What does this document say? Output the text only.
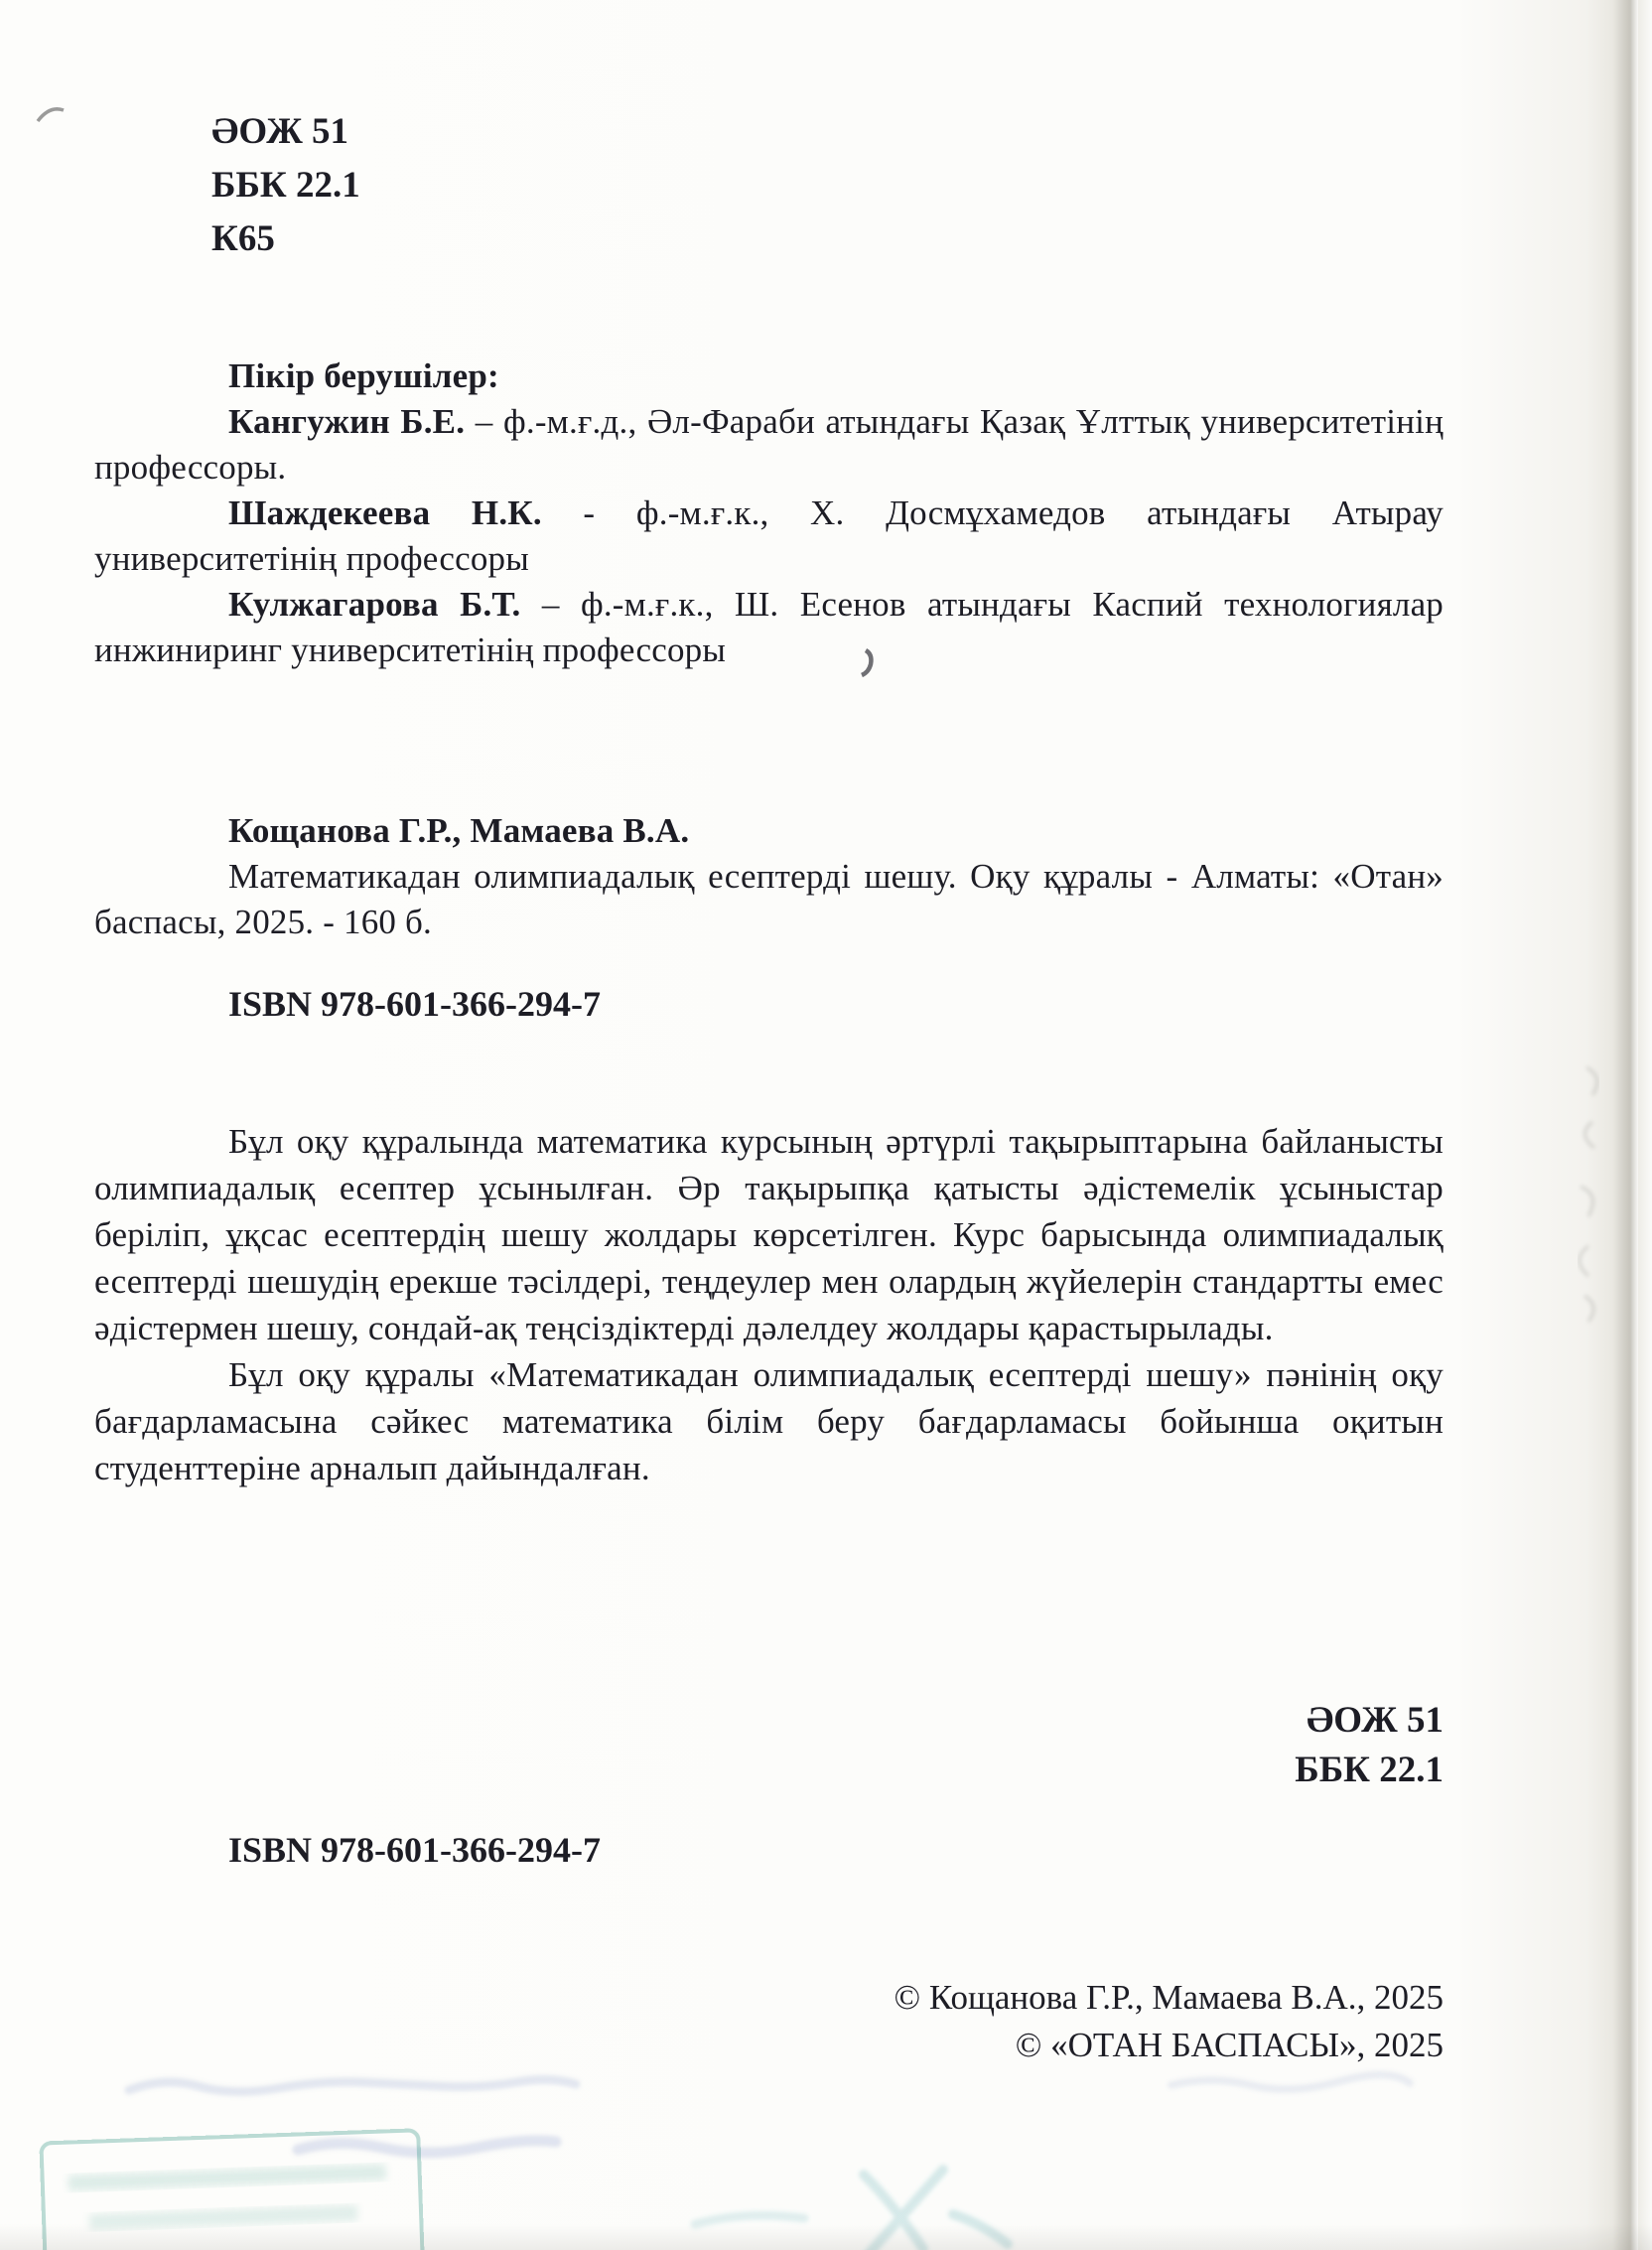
ӘОЖ 51
ББК 22.1
К65

Пікір берушілер:

Кангужин Б.Е. – ф.-м.ғ.д., Әл-Фараби атындағы Қазақ Ұлттық университетінің профессоры.

Шаждекеева Н.К. - ф.-м.ғ.к., Х. Досмұхамедов атындағы Атырау университетінің профессоры

Кулжагарова Б.Т. – ф.-м.ғ.к., Ш. Есенов атындағы Каспий технологиялар инжиниринг университетінің профессоры

Кощанова Г.Р., Мамаева В.А.

Математикадан олимпиадалық есептерді шешу. Оқу құралы - Алматы: «Отан» баспасы, 2025. - 160 б.

ISBN 978-601-366-294-7

Бұл оқу құралында математика курсының әртүрлі тақырыптарына байланысты олимпиадалық есептер ұсынылған. Әр тақырыпқа қатысты әдістемелік ұсыныстар беріліп, ұқсас есептердің шешу жолдары көрсетілген. Курс барысында олимпиадалық есептерді шешудің ерекше тәсілдері, теңдеулер мен олардың жүйелерін стандартты емес әдістермен шешу, сондай-ақ теңсіздіктерді дәлелдеу жолдары қарастырылады.

Бұл оқу құралы «Математикадан олимпиадалық есептерді шешу» пәнінің оқу бағдарламасына сәйкес математика білім беру бағдарламасы бойынша оқитын студенттеріне арналып дайындалған.

ӘОЖ 51
ББК 22.1
ISBN 978-601-366-294-7
© Кощанова Г.Р., Мамаева В.А., 2025
© «ОТАН БАСПАСЫ», 2025
